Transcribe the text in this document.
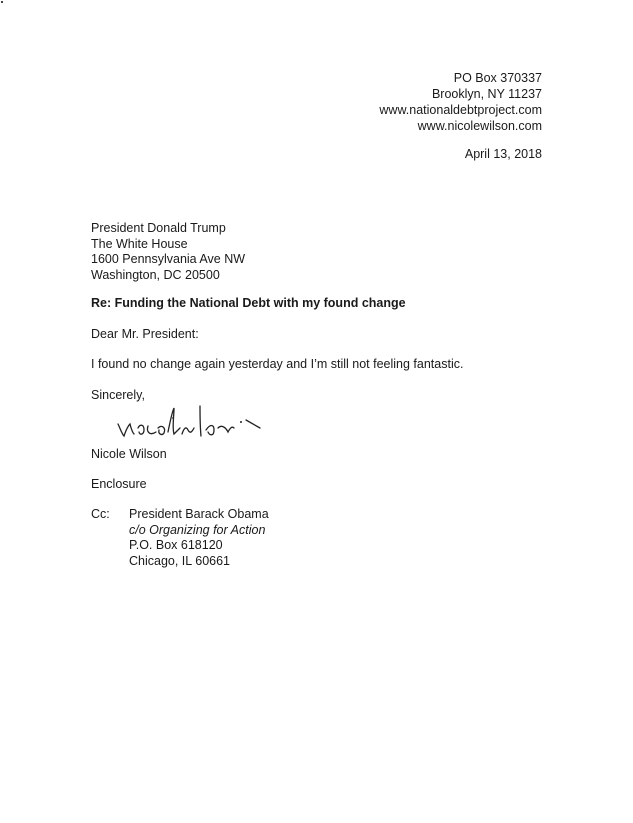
PO Box 370337
Brooklyn, NY 11237
www.nationaldebtproject.com
www.nicolewilson.com
April 13, 2018
President Donald Trump
The White House
1600 Pennsylvania Ave NW
Washington, DC 20500
Re: Funding the National Debt with my found change
Dear Mr. President:
I found no change again yesterday and I’m still not feeling fantastic.
Sincerely,
Nicole Wilson
Enclosure
Cc: President Barack Obama
c/o Organizing for Action
P.O. Box 618120
Chicago, IL 60661
